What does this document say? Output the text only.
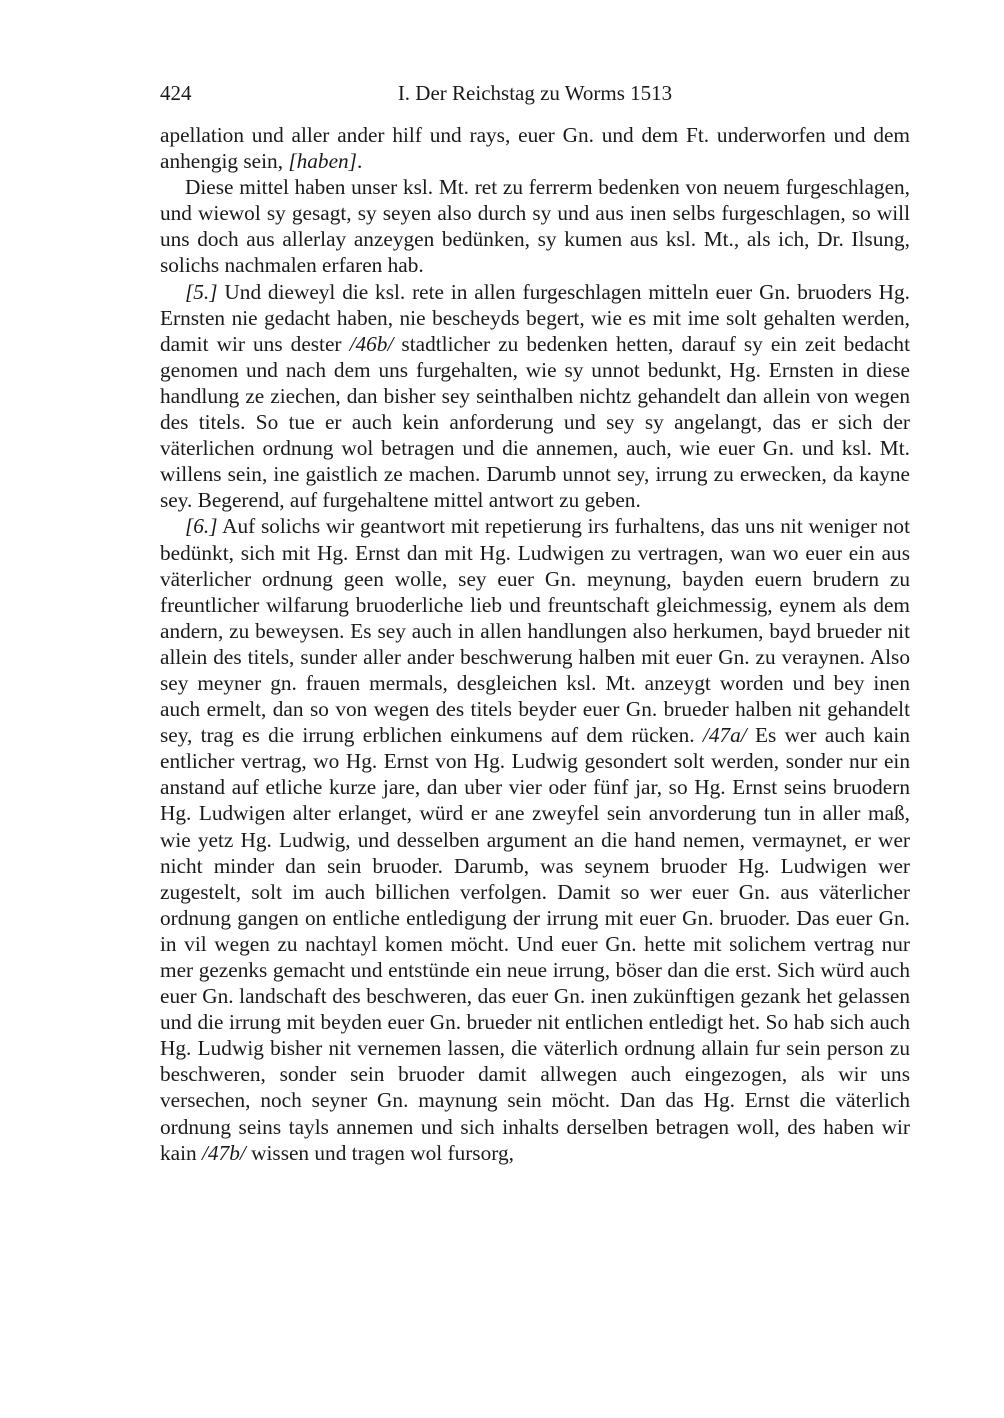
424	I. Der Reichstag zu Worms 1513

apellation und aller ander hilf und rays, euer Gn. und dem Ft. underworfen und dem anhengig sein, [haben].

Diese mittel haben unser ksl. Mt. ret zu ferrerm bedenken von neuem furgeschlagen, und wiewol sy gesagt, sy seyen also durch sy und aus inen selbs furgeschlagen, so will uns doch aus allerlay anzeygen bedünken, sy kumen aus ksl. Mt., als ich, Dr. Ilsung, solichs nachmalen erfaren hab.

[5.] Und dieweyl die ksl. rete in allen furgeschlagen mitteln euer Gn. bruoders Hg. Ernsten nie gedacht haben, nie bescheyds begert, wie es mit ime solt gehalten werden, damit wir uns dester /46b/ stadtlicher zu bedenken hetten, darauf sy ein zeit bedacht genomen und nach dem uns furgehalten, wie sy unnot bedunkt, Hg. Ernsten in diese handlung ze ziechen, dan bisher sey seinthalben nichtz gehandelt dan allein von wegen des titels. So tue er auch kein anforderung und sey sy angelangt, das er sich der väterlichen ordnung wol betragen und die annemen, auch, wie euer Gn. und ksl. Mt. willens sein, ine gaistlich ze machen. Darumb unnot sey, irrung zu erwecken, da kayne sey. Begerend, auf furgehaltene mittel antwort zu geben.

[6.] Auf solichs wir geantwort mit repetierung irs furhaltens, das uns nit weniger not bedünkt, sich mit Hg. Ernst dan mit Hg. Ludwigen zu vertragen, wan wo euer ein aus väterlicher ordnung geen wolle, sey euer Gn. meynung, bayden euern brudern zu freuntlicher wilfarung bruoderliche lieb und freuntschaft gleichmessig, eynem als dem andern, zu beweysen. Es sey auch in allen handlungen also herkumen, bayd brueder nit allein des titels, sunder aller ander beschwerung halben mit euer Gn. zu veraynen. Also sey meyner gn. frauen mermals, desgleichen ksl. Mt. anzeygt worden und bey inen auch ermelt, dan so von wegen des titels beyder euer Gn. brueder halben nit gehandelt sey, trag es die irrung erblichen einkumens auf dem rücken. /47a/ Es wer auch kain entlicher vertrag, wo Hg. Ernst von Hg. Ludwig gesondert solt werden, sonder nur ein anstand auf etliche kurze jare, dan uber vier oder fünf jar, so Hg. Ernst seins bruodern Hg. Ludwigen alter erlanget, würd er ane zweyfel sein anvorderung tun in aller maß, wie yetz Hg. Ludwig, und desselben argument an die hand nemen, vermaynet, er wer nicht minder dan sein bruoder. Darumb, was seynem bruoder Hg. Ludwigen wer zugestelt, solt im auch billichen verfolgen. Damit so wer euer Gn. aus väterlicher ordnung gangen on entliche entledigung der irrung mit euer Gn. bruoder. Das euer Gn. in vil wegen zu nachtayl komen möcht. Und euer Gn. hette mit solichem vertrag nur mer gezenks gemacht und entstünde ein neue irrung, böser dan die erst. Sich würd auch euer Gn. landschaft des beschweren, das euer Gn. inen zukünftigen gezank het gelassen und die irrung mit beyden euer Gn. brueder nit entlichen entledigt het. So hab sich auch Hg. Ludwig bisher nit vernemen lassen, die väterlich ordnung allain fur sein person zu beschweren, sonder sein bruoder damit allwegen auch eingezogen, als wir uns versechen, noch seyner Gn. maynung sein möcht. Dan das Hg. Ernst die väterlich ordnung seins tayls annemen und sich inhalts derselben betragen woll, des haben wir kain /47b/ wissen und tragen wol fursorg,
